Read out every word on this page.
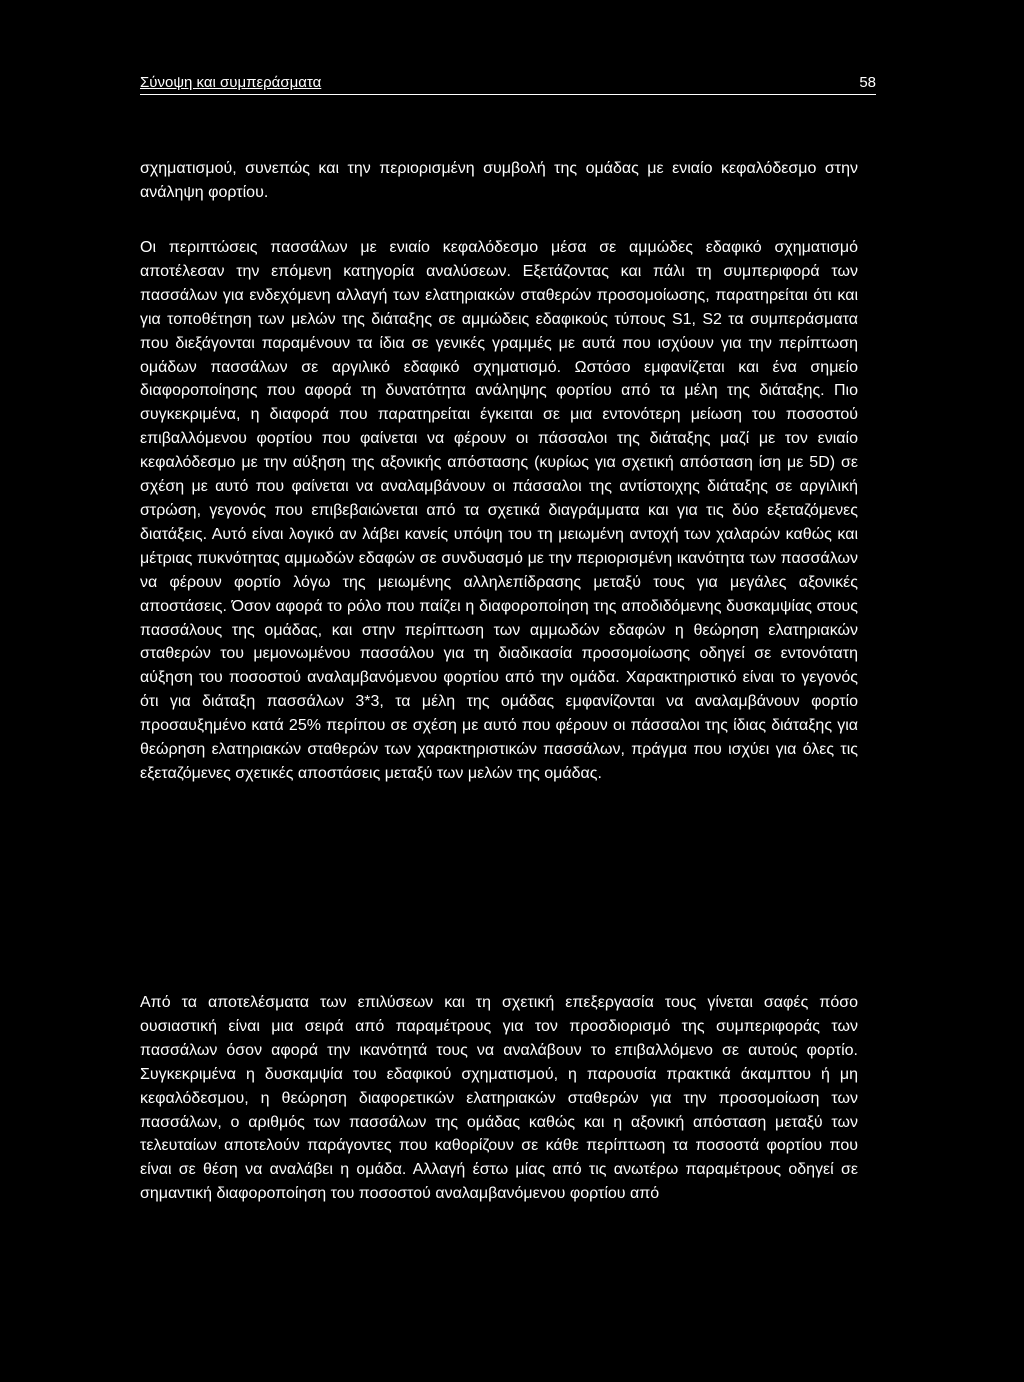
Σύνοψη και συμπεράσματα	58

σχηματισμού, συνεπώς και την περιορισμένη συμβολή της ομάδας με ενιαίο κεφαλόδεσμο στην ανάληψη φορτίου.

Οι περιπτώσεις πασσάλων με ενιαίο κεφαλόδεσμο μέσα σε αμμώδες εδαφικό σχηματισμό αποτέλεσαν την επόμενη κατηγορία αναλύσεων. Εξετάζοντας και πάλι τη συμπεριφορά των πασσάλων για ενδεχόμενη αλλαγή των ελατηριακών σταθερών προσομοίωσης, παρατηρείται ότι και για τοποθέτηση των μελών της διάταξης σε αμμώδεις εδαφικούς τύπους S1, S2 τα συμπεράσματα που διεξάγονται παραμένουν τα ίδια σε γενικές γραμμές με αυτά που ισχύουν για την περίπτωση ομάδων πασσάλων σε αργιλικό εδαφικό σχηματισμό. Ωστόσο εμφανίζεται και ένα σημείο διαφοροποίησης που αφορά τη δυνατότητα ανάληψης φορτίου από τα μέλη της διάταξης. Πιο συγκεκριμένα, η διαφορά που παρατηρείται έγκειται σε μια εντονότερη μείωση του ποσοστού επιβαλλόμενου φορτίου που φαίνεται να φέρουν οι πάσσαλοι της διάταξης μαζί με τον ενιαίο κεφαλόδεσμο με την αύξηση της αξονικής απόστασης (κυρίως για σχετική απόσταση ίση με 5D) σε σχέση με αυτό που φαίνεται να αναλαμβάνουν οι πάσσαλοι της αντίστοιχης διάταξης σε αργιλική στρώση, γεγονός που επιβεβαιώνεται από τα σχετικά διαγράμματα και για τις δύο εξεταζόμενες διατάξεις. Αυτό είναι λογικό αν λάβει κανείς υπόψη του τη μειωμένη αντοχή των χαλαρών καθώς και μέτριας πυκνότητας αμμωδών εδαφών σε συνδυασμό με την περιορισμένη ικανότητα των πασσάλων να φέρουν φορτίο λόγω της μειωμένης αλληλεπίδρασης μεταξύ τους για μεγάλες αξονικές αποστάσεις. Όσον αφορά το ρόλο που παίζει η διαφοροποίηση της αποδιδόμενης δυσκαμψίας στους πασσάλους της ομάδας, και στην περίπτωση των αμμωδών εδαφών η θεώρηση ελατηριακών σταθερών του μεμονωμένου πασσάλου για τη διαδικασία προσομοίωσης οδηγεί σε εντονότατη αύξηση του ποσοστού αναλαμβανόμενου φορτίου από την ομάδα. Χαρακτηριστικό είναι το γεγονός ότι για διάταξη πασσάλων 3*3, τα μέλη της ομάδας εμφανίζονται να αναλαμβάνουν φορτίο προσαυξημένο κατά 25% περίπου σε σχέση με αυτό που φέρουν οι πάσσαλοι της ίδιας διάταξης για θεώρηση ελατηριακών σταθερών των χαρακτηριστικών πασσάλων, πράγμα που ισχύει για όλες τις εξεταζόμενες σχετικές αποστάσεις μεταξύ των μελών της ομάδας.

Από τα αποτελέσματα των επιλύσεων και τη σχετική επεξεργασία τους γίνεται σαφές πόσο ουσιαστική είναι μια σειρά από παραμέτρους για τον προσδιορισμό της συμπεριφοράς των πασσάλων όσον αφορά την ικανότητά τους να αναλάβουν το επιβαλλόμενο σε αυτούς φορτίο. Συγκεκριμένα η δυσκαμψία του εδαφικού σχηματισμού, η παρουσία πρακτικά άκαμπτου ή μη κεφαλόδεσμου, η θεώρηση διαφορετικών ελατηριακών σταθερών για την προσομοίωση των πασσάλων, ο αριθμός των πασσάλων της ομάδας καθώς και η αξονική απόσταση μεταξύ των τελευταίων αποτελούν παράγοντες που καθορίζουν σε κάθε περίπτωση τα ποσοστά φορτίου που είναι σε θέση να αναλάβει η ομάδα. Αλλαγή έστω μίας από τις ανωτέρω παραμέτρους οδηγεί σε σημαντική διαφοροποίηση του ποσοστού αναλαμβανόμενου φορτίου από
